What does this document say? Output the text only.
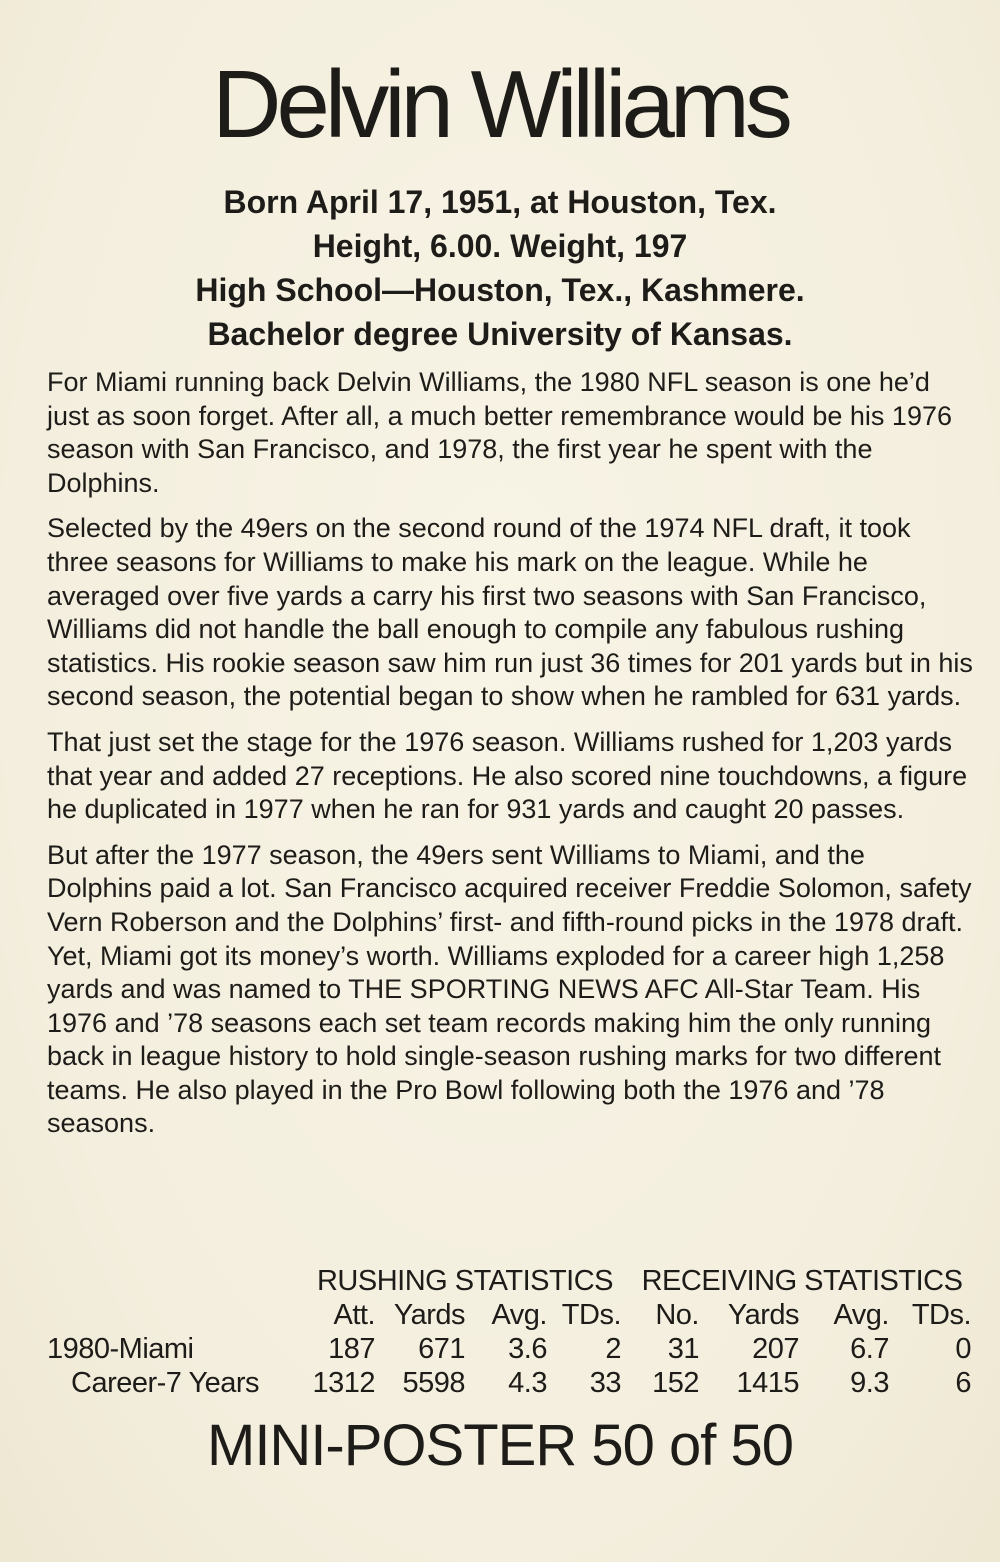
Delvin Williams
Born April 17, 1951, at Houston, Tex.
Height, 6.00. Weight, 197
High School—Houston, Tex., Kashmere.
Bachelor degree University of Kansas.

For Miami running back Delvin Williams, the 1980 NFL season is one he’d just as soon forget. After all, a much better remembrance would be his 1976 season with San Francisco, and 1978, the first year he spent with the Dolphins.

Selected by the 49ers on the second round of the 1974 NFL draft, it took three seasons for Williams to make his mark on the league. While he averaged over five yards a carry his first two seasons with San Francisco, Williams did not handle the ball enough to compile any fabulous rushing statistics. His rookie season saw him run just 36 times for 201 yards but in his second season, the potential began to show when he rambled for 631 yards.

That just set the stage for the 1976 season. Williams rushed for 1,203 yards that year and added 27 receptions. He also scored nine touchdowns, a figure he duplicated in 1977 when he ran for 931 yards and caught 20 passes.

But after the 1977 season, the 49ers sent Williams to Miami, and the Dolphins paid a lot. San Francisco acquired receiver Freddie Solomon, safety Vern Roberson and the Dolphins’ first- and fifth-round picks in the 1978 draft. Yet, Miami got its money’s worth. Williams exploded for a career high 1,258 yards and was named to THE SPORTING NEWS AFC All-Star Team. His 1976 and ’78 seasons each set team records making him the only running back in league history to hold single-season rushing marks for two different teams. He also played in the Pro Bowl following both the 1976 and ’78 seasons.

	RUSHING STATISTICS				RECEIVING STATISTICS			
	Att.	Yards	Avg.	TDs.	No.	Yards	Avg.	TDs.
1980-Miami	187	671	3.6	2	31	207	6.7	0
Career-7 Years	1312	5598	4.3	33	152	1415	9.3	6
MINI-POSTER 50 of 50
